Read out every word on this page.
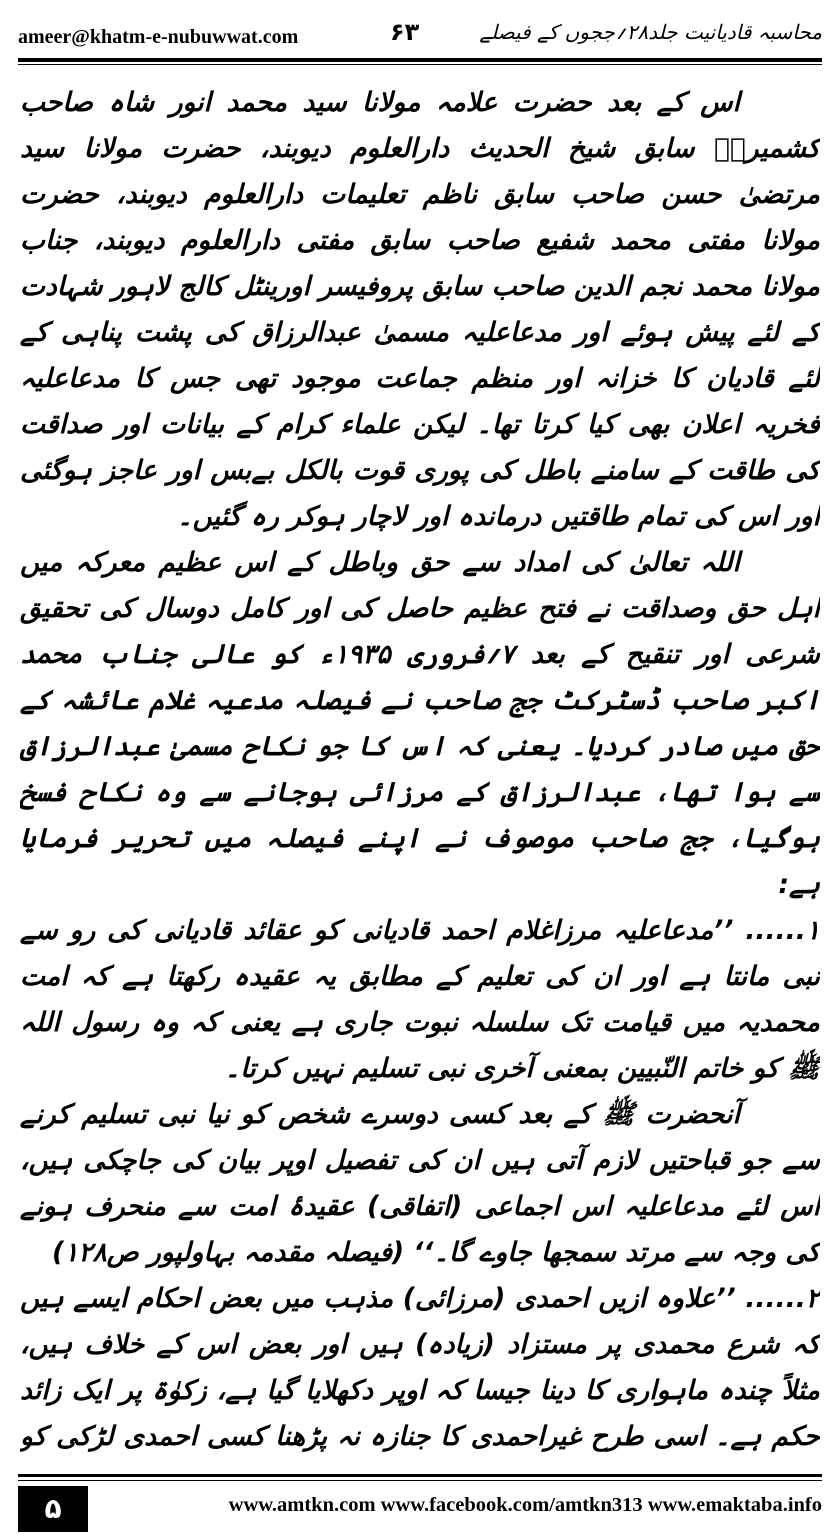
ameer@khatm-e-nubuwwat.com	۶۳	محاسبہ قادیانیت جلد۲۸؍ججوں کے فیصلے

اس کے بعد حضرت علامہ مولانا سید محمد انور شاہ صاحب کشمیریؒ سابق شیخ الحدیث دارالعلوم دیوبند، حضرت مولانا سید مرتضیٰ حسن صاحب سابق ناظم تعلیمات دارالعلوم دیوبند، حضرت مولانا مفتی محمد شفیع صاحب سابق مفتی دارالعلوم دیوبند، جناب مولانا محمد نجم الدین صاحب سابق پروفیسر اورینٹل کالج لاہور شہادت کے لئے پیش ہوئے اور مدعاعلیہ مسمیٰ عبدالرزاق کی پشت پناہی کے لئے قادیان کا خزانہ اور منظم جماعت موجود تھی جس کا مدعاعلیہ فخریہ اعلان بھی کیا کرتا تھا۔ لیکن علماء کرام کے بیانات اور صداقت کی طاقت کے سامنے باطل کی پوری قوت بالکل بےبس اور عاجز ہوگئی اور اس کی تمام طاقتیں درماندہ اور لاچار ہوکر رہ گئیں۔

اللہ تعالیٰ کی امداد سے حق وباطل کے اس عظیم معرکہ میں اہل حق وصداقت نے فتح عظیم حاصل کی اور کامل دوسال کی تحقیق شرعی اور تنقیح کے بعد ۷؍فروری ۱۹۳۵ء کو عالی جناب محمد اکبر صاحب ڈسٹرکٹ جج صاحب نے فیصلہ مدعیہ غلام عائشہ کے حق میں صادر کردیا۔ یعنی کہ اس کا جو نکاح مسمیٰ عبدالرزاق سے ہوا تھا، عبدالرزاق کے مرزائی ہوجانے سے وہ نکاح فسخ ہوگیا، جج صاحب موصوف نے اپنے فیصلہ میں تحریر فرمایا ہے:

۱...... ’’مدعاعلیہ مرزاغلام احمد قادیانی کو عقائد قادیانی کی رو سے نبی مانتا ہے اور ان کی تعلیم کے مطابق یہ عقیدہ رکھتا ہے کہ امت محمدیہ میں قیامت تک سلسلہ نبوت جاری ہے یعنی کہ وہ رسول اللہ ﷺ کو خاتم النّبیین بمعنی آخری نبی تسلیم نہیں کرتا۔

آنحضرت ﷺ کے بعد کسی دوسرے شخص کو نیا نبی تسلیم کرنے سے جو قباحتیں لازم آتی ہیں ان کی تفصیل اوپر بیان کی جاچکی ہیں، اس لئے مدعاعلیہ اس اجماعی (اتفاقی) عقیدۂ امت سے منحرف ہونے کی وجہ سے مرتد سمجھا جاوے گا۔‘‘ (فیصلہ مقدمہ بہاولپور ص۱۲۸)

۲...... ’’علاوہ ازیں احمدی (مرزائی) مذہب میں بعض احکام ایسے ہیں کہ شرع محمدی پر مستزاد (زیادہ) ہیں اور بعض اس کے خلاف ہیں، مثلاً چندہ ماہواری کا دینا جیسا کہ اوپر دکھلایا گیا ہے، زکوٰۃ پر ایک زائد حکم ہے۔ اسی طرح غیراحمدی کا جنازہ نہ پڑھنا کسی احمدی لڑکی کو

۵	www.amtkn.com www.facebook.com/amtkn313 www.emaktaba.info
